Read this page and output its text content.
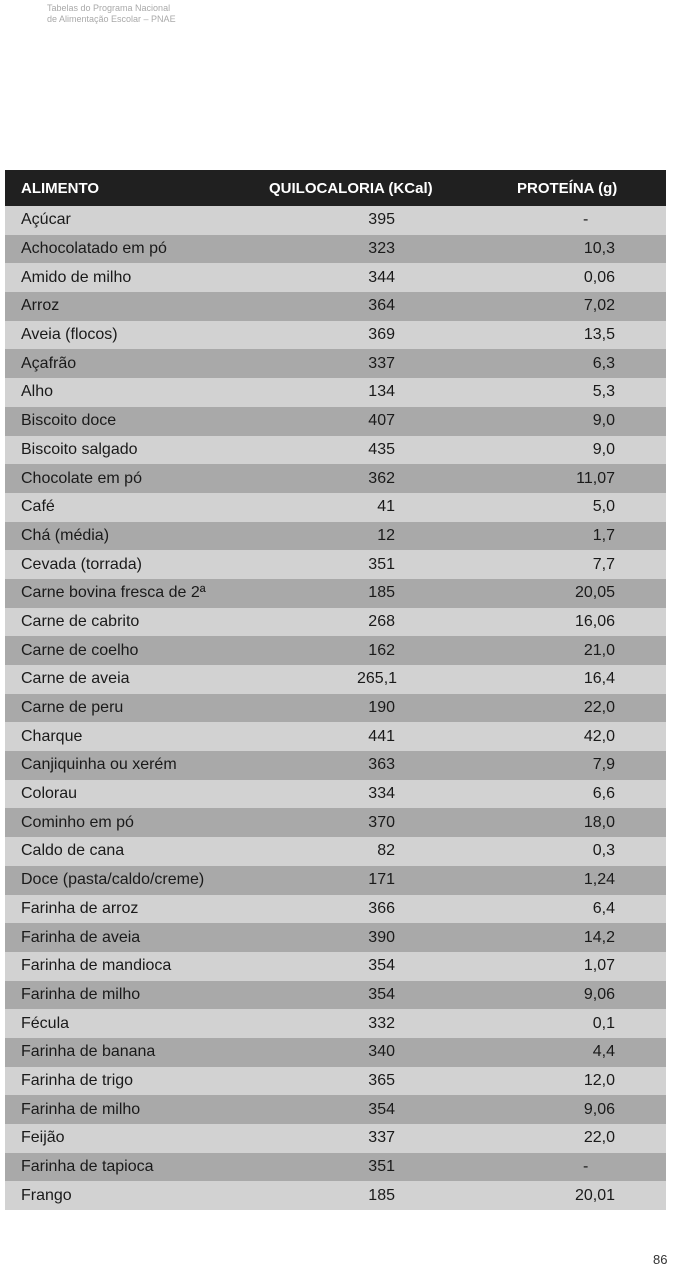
Tabelas do Programa Nacional
de Alimentação Escolar – PNAE
ALIMENTO	QUILOCALORIA (KCal)	PROTEÍNA (g)
Açúcar	395	-
Achocolatado em pó	323	10,3
Amido de milho	344	0,06
Arroz	364	7,02
Aveia (flocos)	369	13,5
Açafrão	337	6,3
Alho	134	5,3
Biscoito doce	407	9,0
Biscoito salgado	435	9,0
Chocolate em pó	362	11,07
Café	41	5,0
Chá (média)	12	1,7
Cevada (torrada)	351	7,7
Carne bovina fresca de 2ª	185	20,05
Carne de cabrito	268	16,06
Carne de coelho	162	21,0
Carne de aveia	265,1	16,4
Carne de peru	190	22,0
Charque	441	42,0
Canjiquinha ou xerém	363	7,9
Colorau	334	6,6
Cominho em pó	370	18,0
Caldo de cana	82	0,3
Doce (pasta/caldo/creme)	171	1,24
Farinha de arroz	366	6,4
Farinha de aveia	390	14,2
Farinha de mandioca	354	1,07
Farinha de milho	354	9,06
Fécula	332	0,1
Farinha de banana	340	4,4
Farinha de trigo	365	12,0
Farinha de milho	354	9,06
Feijão	337	22,0
Farinha de tapioca	351	-
Frango	185	20,01
86
